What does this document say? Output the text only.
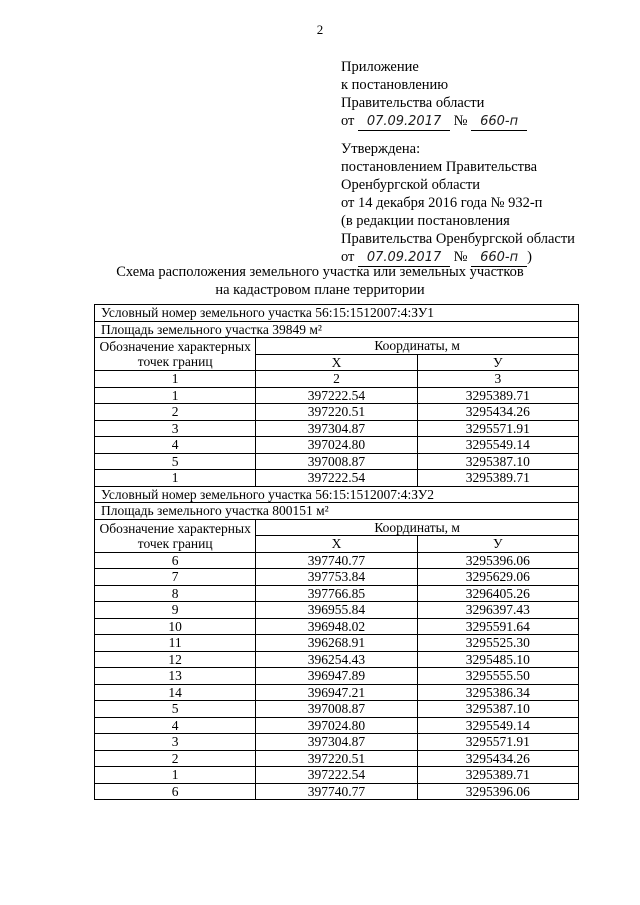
2
Приложение
к постановлению
Правительства области
от 07.09.2017 № 660-п
Утверждена:
постановлением Правительства
Оренбургской области
от 14 декабря 2016 года № 932-п
(в редакции постановления
Правительства Оренбургской области
от 07.09.2017 № 660-п )
Схема расположения земельного участка или земельных участков
на кадастровом плане территории
Условный номер земельного участка 56:15:1512007:4:ЗУ1		
Площадь земельного участка 39849 м²		
Обозначение характерных точек границ	Координаты, м	
	Х	У
1	2	3
1	397222.54	3295389.71
2	397220.51	3295434.26
3	397304.87	3295571.91
4	397024.80	3295549.14
5	397008.87	3295387.10
1	397222.54	3295389.71
Условный номер земельного участка 56:15:1512007:4:ЗУ2		
Площадь земельного участка 800151 м²		
Обозначение характерных точек границ	Координаты, м	
	Х	У
6	397740.77	3295396.06
7	397753.84	3295629.06
8	397766.85	3296405.26
9	396955.84	3296397.43
10	396948.02	3295591.64
11	396268.91	3295525.30
12	396254.43	3295485.10
13	396947.89	3295555.50
14	396947.21	3295386.34
5	397008.87	3295387.10
4	397024.80	3295549.14
3	397304.87	3295571.91
2	397220.51	3295434.26
1	397222.54	3295389.71
6	397740.77	3295396.06
